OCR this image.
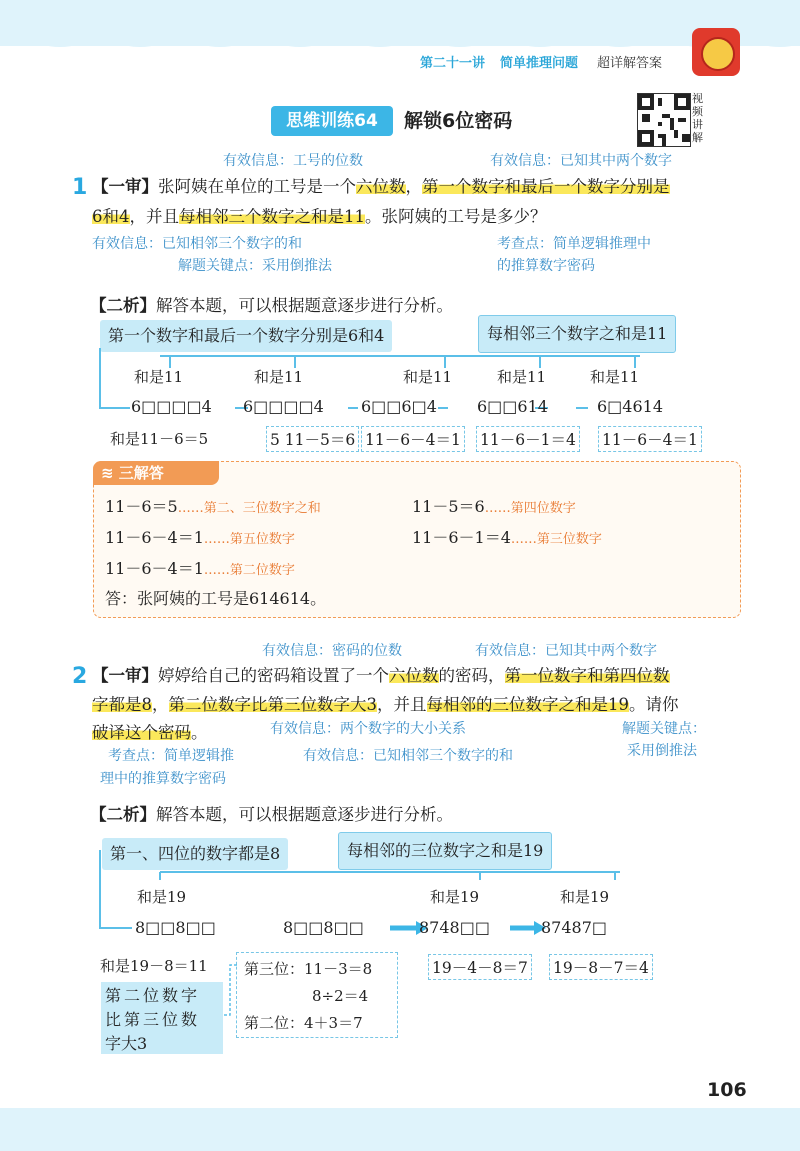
第二十一讲 简单推理问题 超详解答案
思维训练64	解锁6位密码
视
频
讲
解
有效信息：工号的位数	有效信息：已知其中两个数字
1 【一审】张阿姨在单位的工号是一个六位数，第一个数字和最后一个数字分别是
6和4，并且每相邻三个数字之和是11。张阿姨的工号是多少？
有效信息：已知相邻三个数字的和
解题关键点：采用倒推法
考查点：简单逻辑推理中
的推算数字密码
【二析】解答本题，可以根据题意逐步进行分析。
第一个数字和最后一个数字分别是6和4	每相邻三个数字之和是11
和是11	和是11	和是11	和是11	和是11
6□□□□4 6□□□□4 6□□6□4	6□□614	6□4614
和是11－6＝5	5 11－5＝6 11－6－4＝1 11－6－1＝4 11－6－4＝1
≋ 三解答
11－6＝5……第二、三位数字之和	11－5＝6……第四位数字
11－6－4＝1……第五位数字	11－6－1＝4……第三位数字
11－6－4＝1……第二位数字
答：张阿姨的工号是614614。
有效信息：密码的位数	有效信息：已知其中两个数字
2 【一审】婷婷给自己的密码箱设置了一个六位数的密码，第一位数字和第四位数
字都是8，第二位数字比第三位数字大3，并且每相邻的三位数字之和是19。请你
破译这个密码。	有效信息：两个数字的大小关系	解题关键点：
采用倒推法
考查点：简单逻辑推
理中的推算数字密码
有效信息：已知相邻三个数字的和
【二析】解答本题，可以根据题意逐步进行分析。
第一、四位的数字都是8	每相邻的三位数字之和是19
和是19	和是19	和是19
8□□8□□	8□□8□□	8748□□	87487□
和是19－8＝11 第三位：11－3＝8
8÷2＝4
第二位：4＋3＝7
19－4－8＝7 19－8－7＝4
第二位数字
比第三位数
字大3
106
